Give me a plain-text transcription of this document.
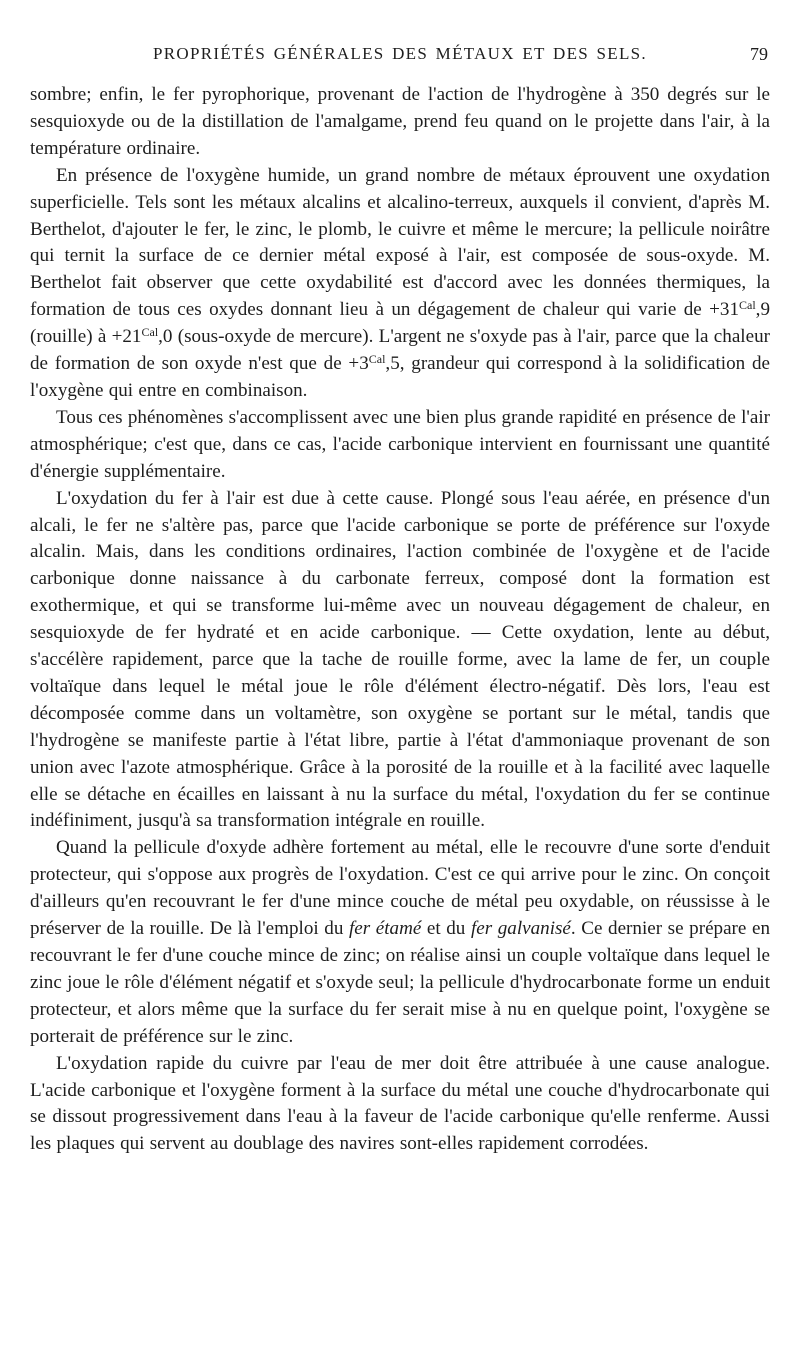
PROPRIÉTÉS GÉNÉRALES DES MÉTAUX ET DES SELS.	79

sombre; enfin, le fer pyrophorique, provenant de l'action de l'hydrogène à 350 degrés sur le sesquioxyde ou de la distillation de l'amalgame, prend feu quand on le projette dans l'air, à la température ordinaire.

En présence de l'oxygène humide, un grand nombre de métaux éprouvent une oxydation superficielle. Tels sont les métaux alcalins et alcalino-terreux, auxquels il convient, d'après M. Berthelot, d'ajouter le fer, le zinc, le plomb, le cuivre et même le mercure; la pellicule noirâtre qui ternit la surface de ce dernier métal exposé à l'air, est composée de sous-oxyde. M. Berthelot fait observer que cette oxydabilité est d'accord avec les données thermiques, la formation de tous ces oxydes donnant lieu à un dégagement de chaleur qui varie de $+31^{Cal},9$ (rouille) à $+21^{Cal},0$ (sous-oxyde de mercure). L'argent ne s'oxyde pas à l'air, parce que la chaleur de formation de son oxyde n'est que de $+3^{Cal},5$, grandeur qui correspond à la solidification de l'oxygène qui entre en combinaison.

Tous ces phénomènes s'accomplissent avec une bien plus grande rapidité en présence de l'air atmosphérique; c'est que, dans ce cas, l'acide carbonique intervient en fournissant une quantité d'énergie supplémentaire.

L'oxydation du fer à l'air est due à cette cause. Plongé sous l'eau aérée, en présence d'un alcali, le fer ne s'altère pas, parce que l'acide carbonique se porte de préférence sur l'oxyde alcalin. Mais, dans les conditions ordinaires, l'action combinée de l'oxygène et de l'acide carbonique donne naissance à du carbonate ferreux, composé dont la formation est exothermique, et qui se transforme lui-même avec un nouveau dégagement de chaleur, en sesquioxyde de fer hydraté et en acide carbonique. — Cette oxydation, lente au début, s'accélère rapidement, parce que la tache de rouille forme, avec la lame de fer, un couple voltaïque dans lequel le métal joue le rôle d'élément électro-négatif. Dès lors, l'eau est décomposée comme dans un voltamètre, son oxygène se portant sur le métal, tandis que l'hydrogène se manifeste partie à l'état libre, partie à l'état d'ammoniaque provenant de son union avec l'azote atmosphérique. Grâce à la porosité de la rouille et à la facilité avec laquelle elle se détache en écailles en laissant à nu la surface du métal, l'oxydation du fer se continue indéfiniment, jusqu'à sa transformation intégrale en rouille.

Quand la pellicule d'oxyde adhère fortement au métal, elle le recouvre d'une sorte d'enduit protecteur, qui s'oppose aux progrès de l'oxydation. C'est ce qui arrive pour le zinc. On conçoit d'ailleurs qu'en recouvrant le fer d'une mince couche de métal peu oxydable, on réussisse à le préserver de la rouille. De là l'emploi du fer étamé et du fer galvanisé. Ce dernier se prépare en recouvrant le fer d'une couche mince de zinc; on réalise ainsi un couple voltaïque dans lequel le zinc joue le rôle d'élément négatif et s'oxyde seul; la pellicule d'hydrocarbonate forme un enduit protecteur, et alors même que la surface du fer serait mise à nu en quelque point, l'oxygène se porterait de préférence sur le zinc.

L'oxydation rapide du cuivre par l'eau de mer doit être attribuée à une cause analogue. L'acide carbonique et l'oxygène forment à la surface du métal une couche d'hydrocarbonate qui se dissout progressivement dans l'eau à la faveur de l'acide carbonique qu'elle renferme. Aussi les plaques qui servent au doublage des navires sont-elles rapidement corrodées.
